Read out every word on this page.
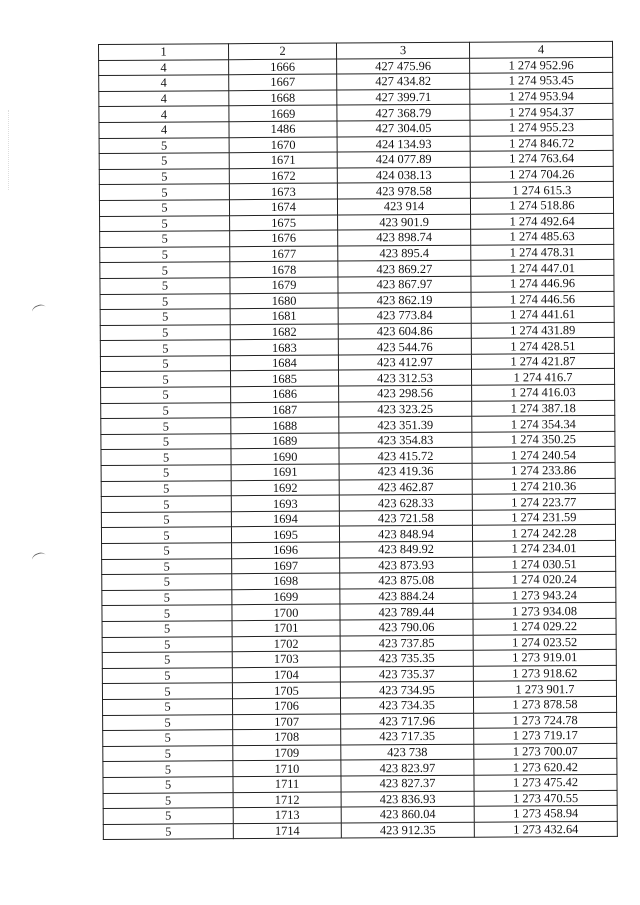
1	2	3	4
4	1666	427 475.96	1 274 952.96
4	1667	427 434.82	1 274 953.45
4	1668	427 399.71	1 274 953.94
4	1669	427 368.79	1 274 954.37
4	1486	427 304.05	1 274 955.23
5	1670	424 134.93	1 274 846.72
5	1671	424 077.89	1 274 763.64
5	1672	424 038.13	1 274 704.26
5	1673	423 978.58	1 274 615.3
5	1674	423 914	1 274 518.86
5	1675	423 901.9	1 274 492.64
5	1676	423 898.74	1 274 485.63
5	1677	423 895.4	1 274 478.31
5	1678	423 869.27	1 274 447.01
5	1679	423 867.97	1 274 446.96
5	1680	423 862.19	1 274 446.56
5	1681	423 773.84	1 274 441.61
5	1682	423 604.86	1 274 431.89
5	1683	423 544.76	1 274 428.51
5	1684	423 412.97	1 274 421.87
5	1685	423 312.53	1 274 416.7
5	1686	423 298.56	1 274 416.03
5	1687	423 323.25	1 274 387.18
5	1688	423 351.39	1 274 354.34
5	1689	423 354.83	1 274 350.25
5	1690	423 415.72	1 274 240.54
5	1691	423 419.36	1 274 233.86
5	1692	423 462.87	1 274 210.36
5	1693	423 628.33	1 274 223.77
5	1694	423 721.58	1 274 231.59
5	1695	423 848.94	1 274 242.28
5	1696	423 849.92	1 274 234.01
5	1697	423 873.93	1 274 030.51
5	1698	423 875.08	1 274 020.24
5	1699	423 884.24	1 273 943.24
5	1700	423 789.44	1 273 934.08
5	1701	423 790.06	1 274 029.22
5	1702	423 737.85	1 274 023.52
5	1703	423 735.35	1 273 919.01
5	1704	423 735.37	1 273 918.62
5	1705	423 734.95	1 273 901.7
5	1706	423 734.35	1 273 878.58
5	1707	423 717.96	1 273 724.78
5	1708	423 717.35	1 273 719.17
5	1709	423 738	1 273 700.07
5	1710	423 823.97	1 273 620.42
5	1711	423 827.37	1 273 475.42
5	1712	423 836.93	1 273 470.55
5	1713	423 860.04	1 273 458.94
5	1714	423 912.35	1 273 432.64
